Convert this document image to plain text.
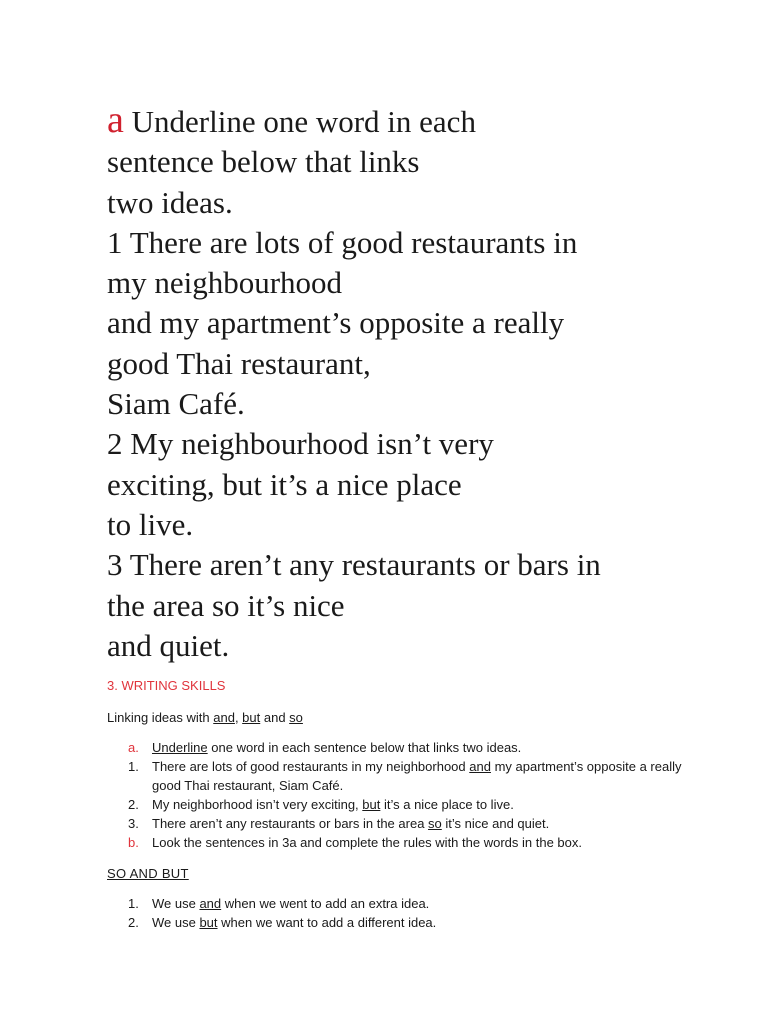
a Underline one word in each
sentence below that links
two ideas.
1 There are lots of good restaurants in
my neighbourhood
and my apartment’s opposite a really
good Thai restaurant,
Siam Café.
2 My neighbourhood isn’t very
exciting, but it’s a nice place
to live.
3 There aren’t any restaurants or bars in
the area so it’s nice
and quiet.
3. WRITING SKILLS
Linking ideas with and, but and so
a.	Underline one word in each sentence below that links two ideas.
1.	There are lots of good restaurants in my neighborhood and my apartment’s opposite a really good Thai restaurant, Siam Café.
2.	My neighborhood isn’t very exciting, but it’s a nice place to live.
3.	There aren’t any restaurants or bars in the area so it’s nice and quiet.
b.	Look the sentences in 3a and complete the rules with the words in the box.
SO AND BUT
1.	We use and when we went to add an extra idea.
2.	We use but when we want to add a different idea.
